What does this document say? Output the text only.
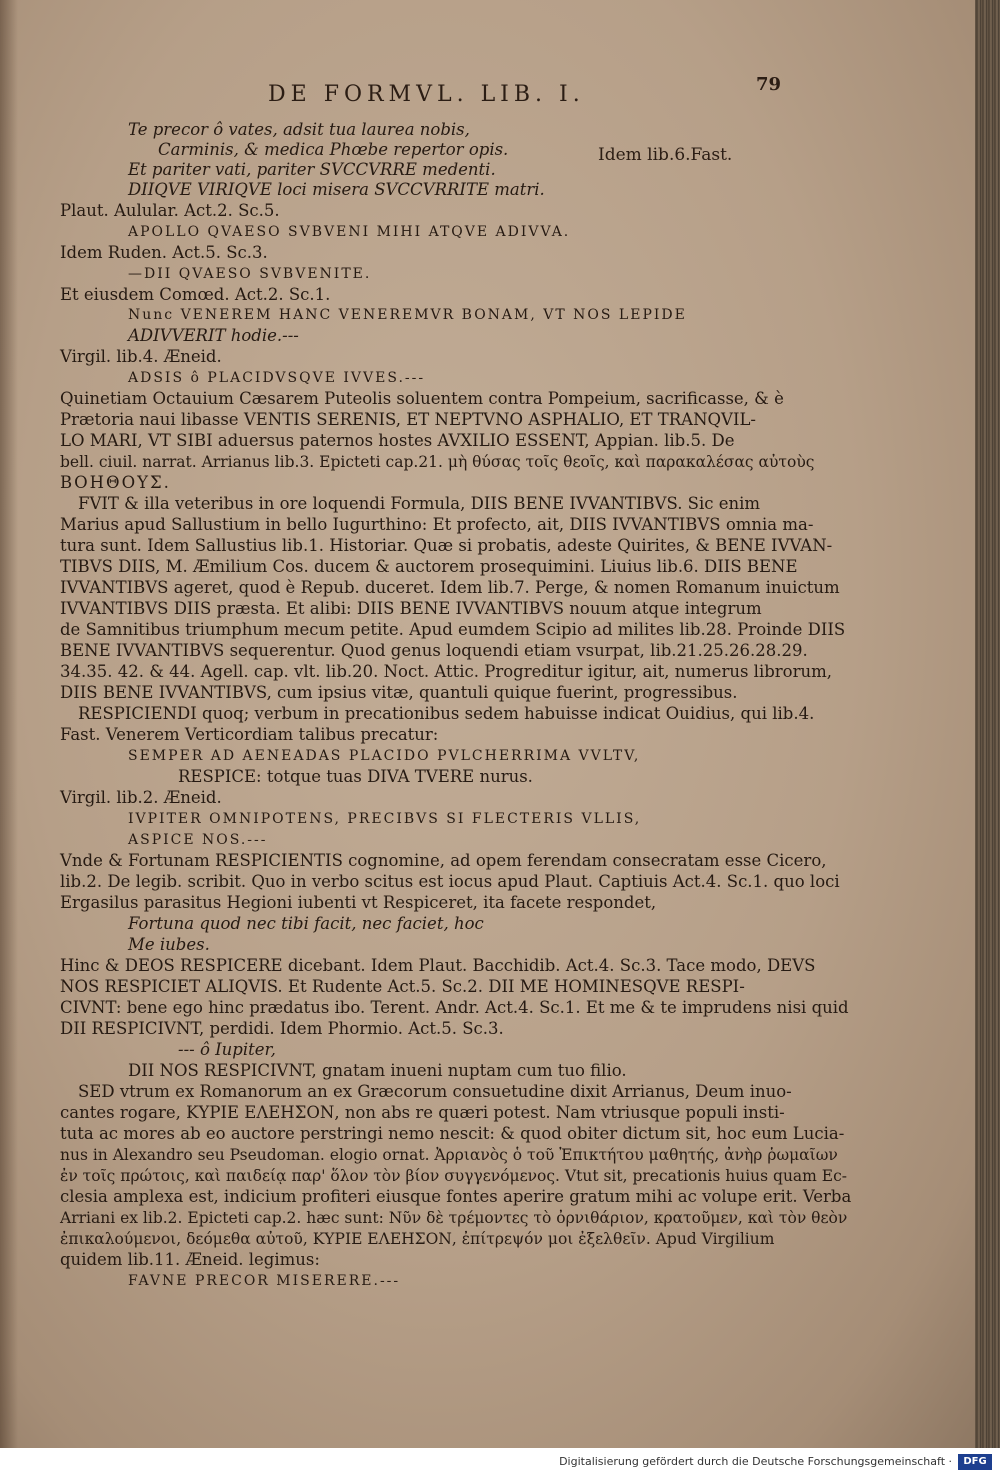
DE FORMVL. LIB. I.	79
Idem lib.6.Fast.
Te precor ô vates, adsit tua laurea nobis,
Carminis, & medica Phœbe repertor opis.
Et pariter vati, pariter SVCCVRRE medenti.
DIIQVE VIRIQVE loci misera SVCCVRRITE matri.
Plaut. Aulular. Act.2. Sc.5.
APOLLO QVAESO SVBVENI MIHI ATQVE ADIVVA.
Idem Ruden. Act.5. Sc.3.
—DII QVAESO SVBVENITE.
Et eiusdem Comœd. Act.2. Sc.1.
Nunc VENEREM HANC VENEREMVR BONAM, VT NOS LEPIDE
ADIVVERIT hodie.---
Virgil. lib.4. Æneid.
ADSIS ô PLACIDVSQVE IVVES.---
Quinetiam Octauium Cæsarem Puteolis soluentem contra Pompeium, sacrificasse, & è
Prætoria naui libasse VENTIS SERENIS, ET NEPTVNO ASPHALIO, ET TRANQVIL-
LO MARI, VT SIBI aduersus paternos hostes AVXILIO ESSENT, Appian. lib.5. De
bell. ciuil. narrat. Arrianus lib.3. Epicteti cap.21. μὴ θύσας τοῖς θεοῖς, καὶ παρακαλέσας αὐτοὺς
ΒΟΗΘΟΥΣ.
FVIT & illa veteribus in ore loquendi Formula, DIIS BENE IVVANTIBVS. Sic enim
Marius apud Sallustium in bello Iugurthino: Et profecto, ait, DIIS IVVANTIBVS omnia ma-
tura sunt. Idem Sallustius lib.1. Historiar. Quæ si probatis, adeste Quirites, & BENE IVVAN-
TIBVS DIIS, M. Æmilium Cos. ducem & auctorem prosequimini. Liuius lib.6. DIIS BENE
IVVANTIBVS ageret, quod è Repub. duceret. Idem lib.7. Perge, & nomen Romanum inuictum
IVVANTIBVS DIIS præsta. Et alibi: DIIS BENE IVVANTIBVS nouum atque integrum
de Samnitibus triumphum mecum petite. Apud eumdem Scipio ad milites lib.28. Proinde DIIS
BENE IVVANTIBVS sequerentur. Quod genus loquendi etiam vsurpat, lib.21.25.26.28.29.
34.35. 42. & 44. Agell. cap. vlt. lib.20. Noct. Attic. Progreditur igitur, ait, numerus librorum,
DIIS BENE IVVANTIBVS, cum ipsius vitæ, quantuli quique fuerint, progressibus.
RESPICIENDI quoq; verbum in precationibus sedem habuisse indicat Ouidius, qui lib.4.
Fast. Venerem Verticordiam talibus precatur:
SEMPER AD AENEADAS PLACIDO PVLCHERRIMA VVLTV,
RESPICE: totque tuas DIVA TVERE nurus.
Virgil. lib.2. Æneid.
IVPITER OMNIPOTENS, PRECIBVS SI FLECTERIS VLLIS,
ASPICE NOS.---
Vnde & Fortunam RESPICIENTIS cognomine, ad opem ferendam consecratam esse Cicero,
lib.2. De legib. scribit. Quo in verbo scitus est iocus apud Plaut. Captiuis Act.4. Sc.1. quo loci
Ergasilus parasitus Hegioni iubenti vt Respiceret, ita facete respondet,
Fortuna quod nec tibi facit, nec faciet, hoc
Me iubes.
Hinc & DEOS RESPICERE dicebant. Idem Plaut. Bacchidib. Act.4. Sc.3. Tace modo, DEVS
NOS RESPICIET ALIQVIS. Et Rudente Act.5. Sc.2. DII ME HOMINESQVE RESPI-
CIVNT: bene ego hinc prædatus ibo. Terent. Andr. Act.4. Sc.1. Et me & te imprudens nisi quid
DII RESPICIVNT, perdidi. Idem Phormio. Act.5. Sc.3.
--- ô Iupiter,
DII NOS RESPICIVNT, gnatam inueni nuptam cum tuo filio.
SED vtrum ex Romanorum an ex Græcorum consuetudine dixit Arrianus, Deum inuo-
cantes rogare, ΚΥΡΙΕ ΕΛΕΗΣΟΝ, non abs re quæri potest. Nam vtriusque populi insti-
tuta ac mores ab eo auctore perstringi nemo nescit: & quod obiter dictum sit, hoc eum Lucia-
nus in Alexandro seu Pseudoman. elogio ornat. Ἀρριανὸς ὁ τοῦ Ἐπικτήτου μαθητής, ἀνὴρ ῥωμαῖων
ἐν τοῖς πρώτοις, καὶ παιδείᾳ παρ' ὅλον τὸν βίον συγγενόμενος. Vtut sit, precationis huius quam Ec-
clesia amplexa est, indicium profiteri eiusque fontes aperire gratum mihi ac volupe erit. Verba
Arriani ex lib.2. Epicteti cap.2. hæc sunt: Νῦν δὲ τρέμοντες τὸ ὀρνιθάριον, κρατοῦμεν, καὶ τὸν θεὸν
ἐπικαλούμενοι, δεόμεθα αὐτοῦ, ΚΥΡΙΕ ΕΛΕΗΣΟΝ, ἐπίτρεψόν μοι ἐξελθεῖν. Apud Virgilium
quidem lib.11. Æneid. legimus:
FAVNE PRECOR MISERERE.---
Digitalisierung gefördert durch die Deutsche Forschungsgemeinschaft ·	DFG
